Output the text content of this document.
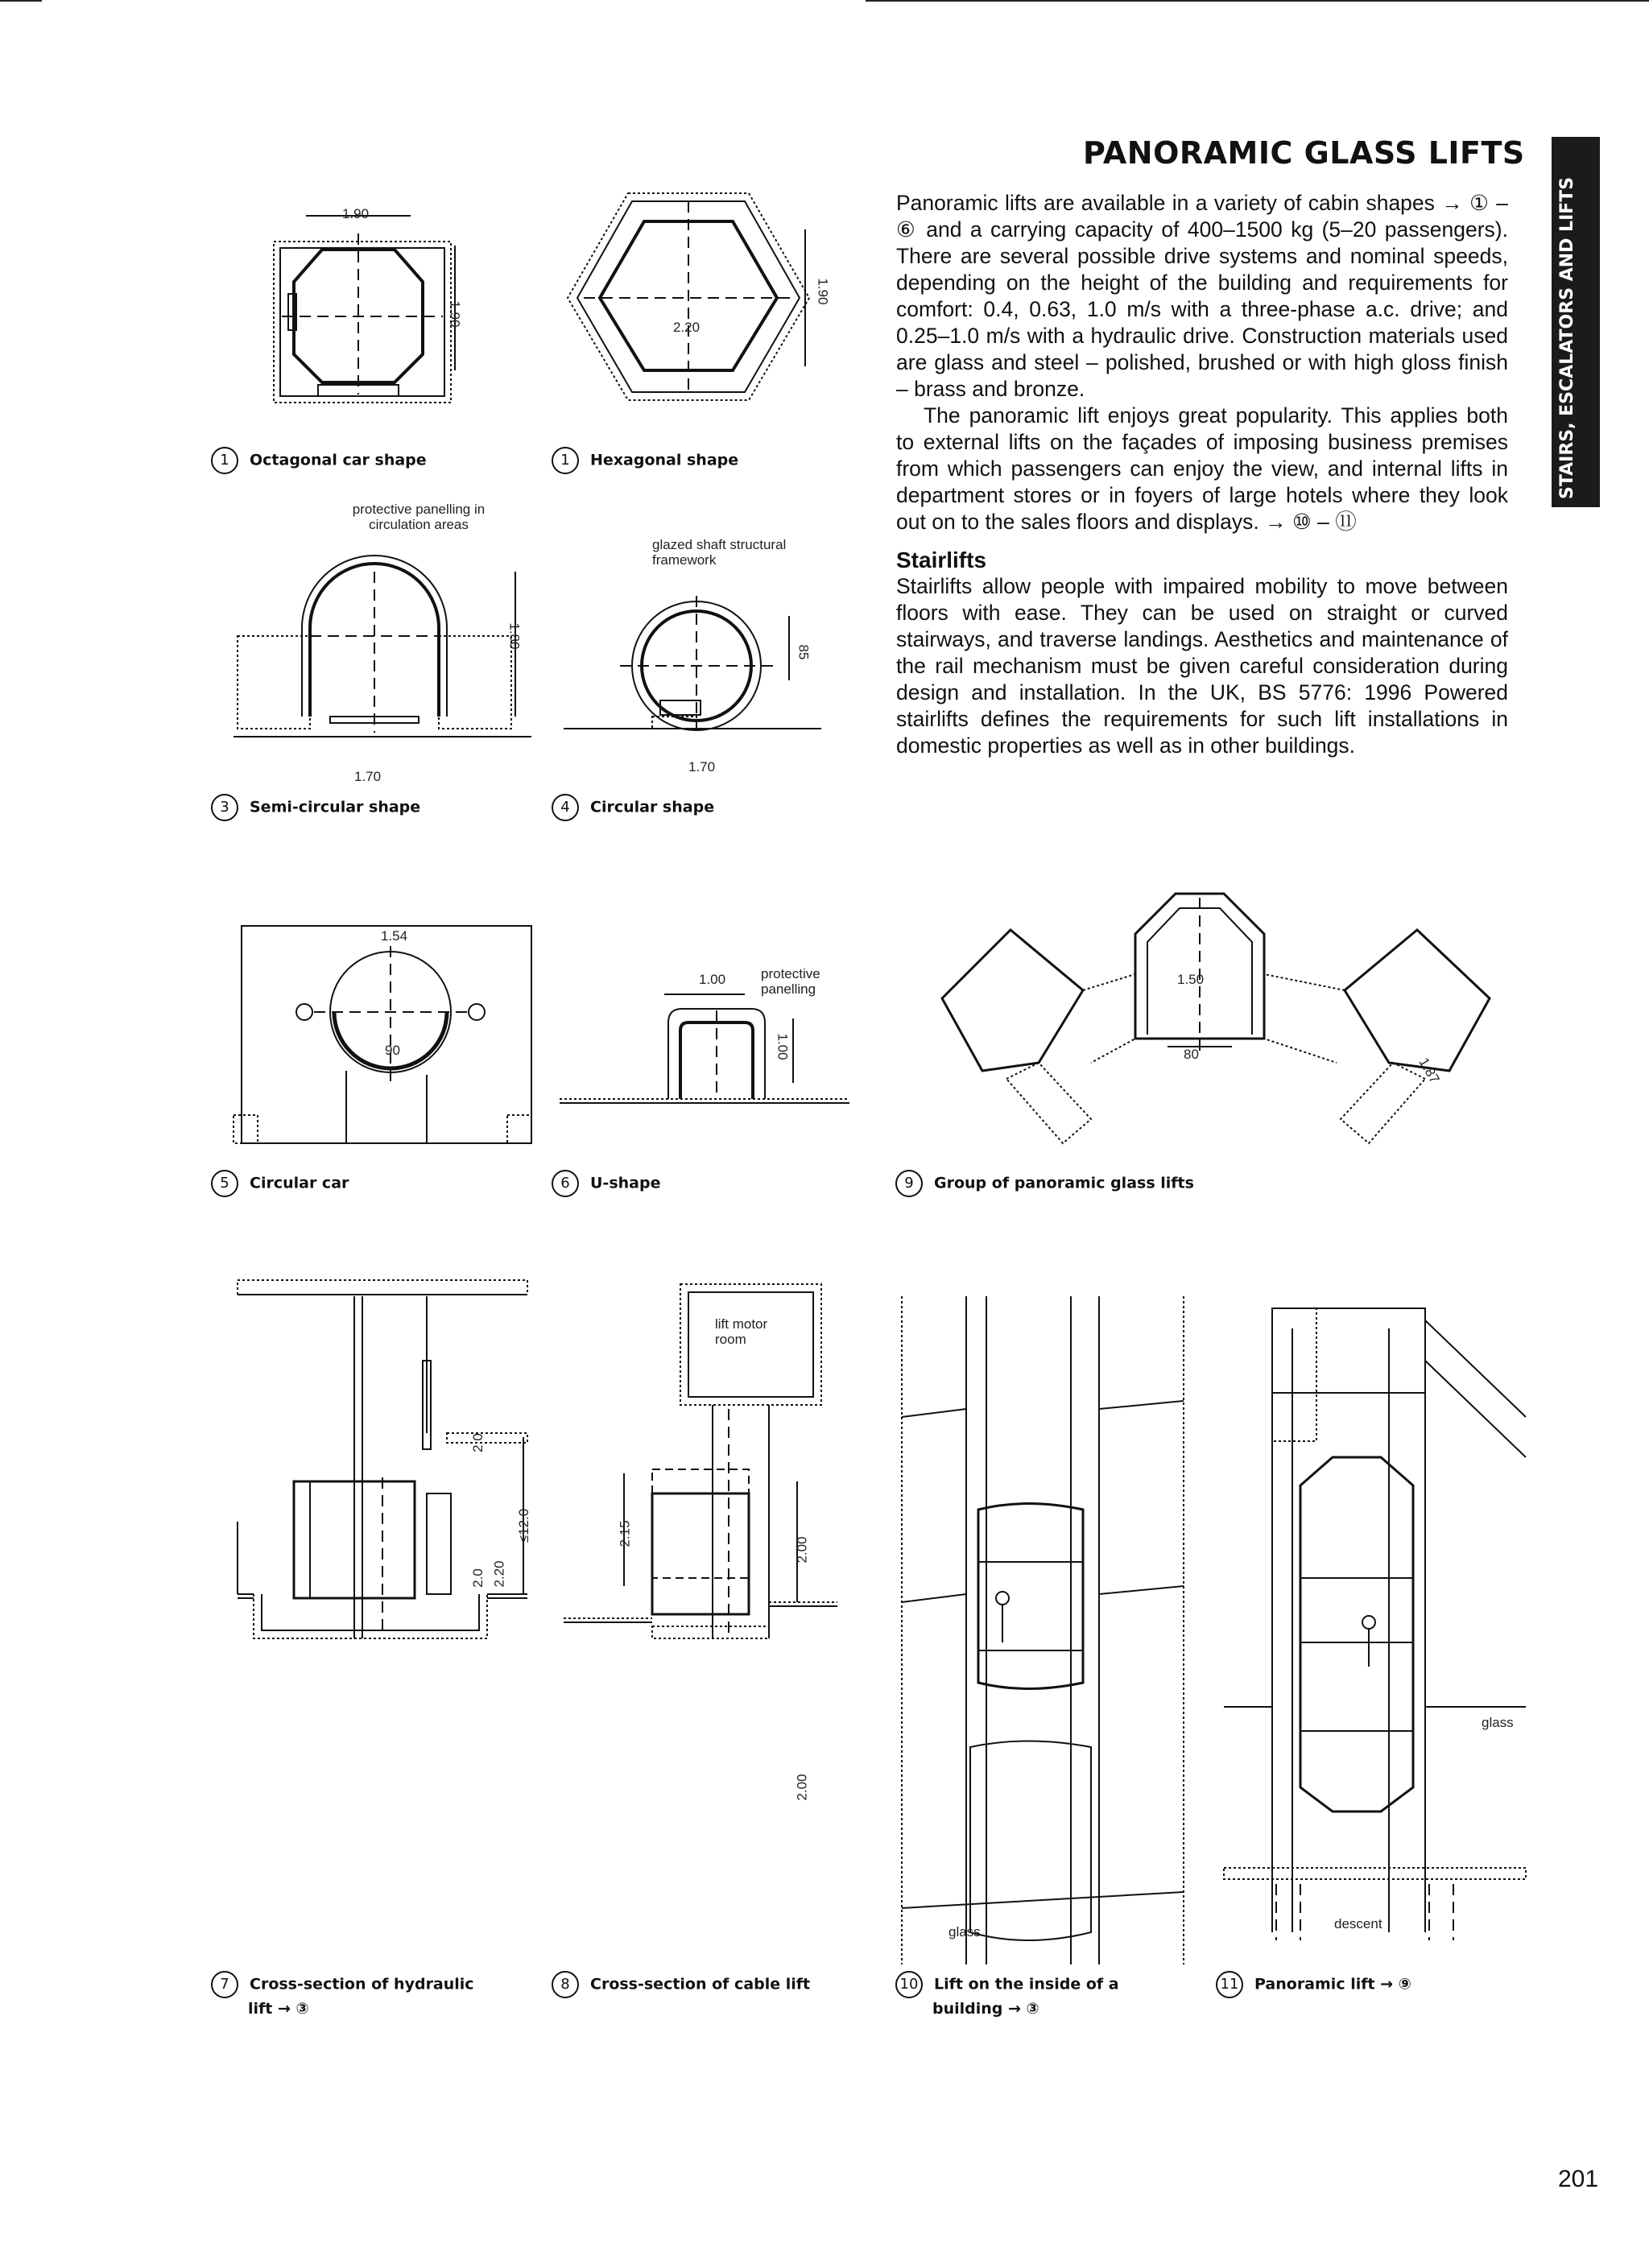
PANORAMIC GLASS LIFTS
STAIRS, ESCALATORS AND LIFTS

Panoramic lifts are available in a variety of cabin shapes → ① – ⑥ and a carrying capacity of 400–1500 kg (5–20 passengers). There are several possible drive systems and nominal speeds, depending on the height of the building and requirements for comfort: 0.4, 0.63, 1.0 m/s with a three-phase a.c. drive; and 0.25–1.0 m/s with a hydraulic drive. Construction materials used are glass and steel – polished, brushed or with high gloss finish – brass and bronze.

The panoramic lift enjoys great popularity. This applies both to external lifts on the façades of imposing business premises from which passengers can enjoy the view, and internal lifts in department stores or in foyers of large hotels where they look out on to the sales floors and displays. → ⑩ – ⑪

Stairlifts

Stairlifts allow people with impaired mobility to move between floors with ease. They can be used on straight or curved stairways, and traverse landings. Aesthetics and maintenance of the rail mechanism must be given careful consideration during design and installation. In the UK, BS 5776: 1996 Powered stairlifts defines the requirements for such lift installations in domestic properties as well as in other buildings.

1.90
1.90
1 Octagonal car shape
2.20
1.90
1 Hexagonal shape
protective panelling in circulation areas
1.70
1.80
3 Semi-circular shape
glazed shaft structural framework
1.70
85
4 Circular shape
1.54
90
5 Circular car
protective panelling
1.00
1.00
6 U-shape
1.50
80
1.87
9 Group of panoramic glass lifts
2.0
2.0 2.20
≤12.0
7 Cross-section of hydraulic
lift → ③
lift motor room
2.15
2.00
2.00
8 Cross-section of cable lift
glass
10 Lift on the inside of a
building → ③
glass
descent
11 Panoramic lift → ⑨
201
